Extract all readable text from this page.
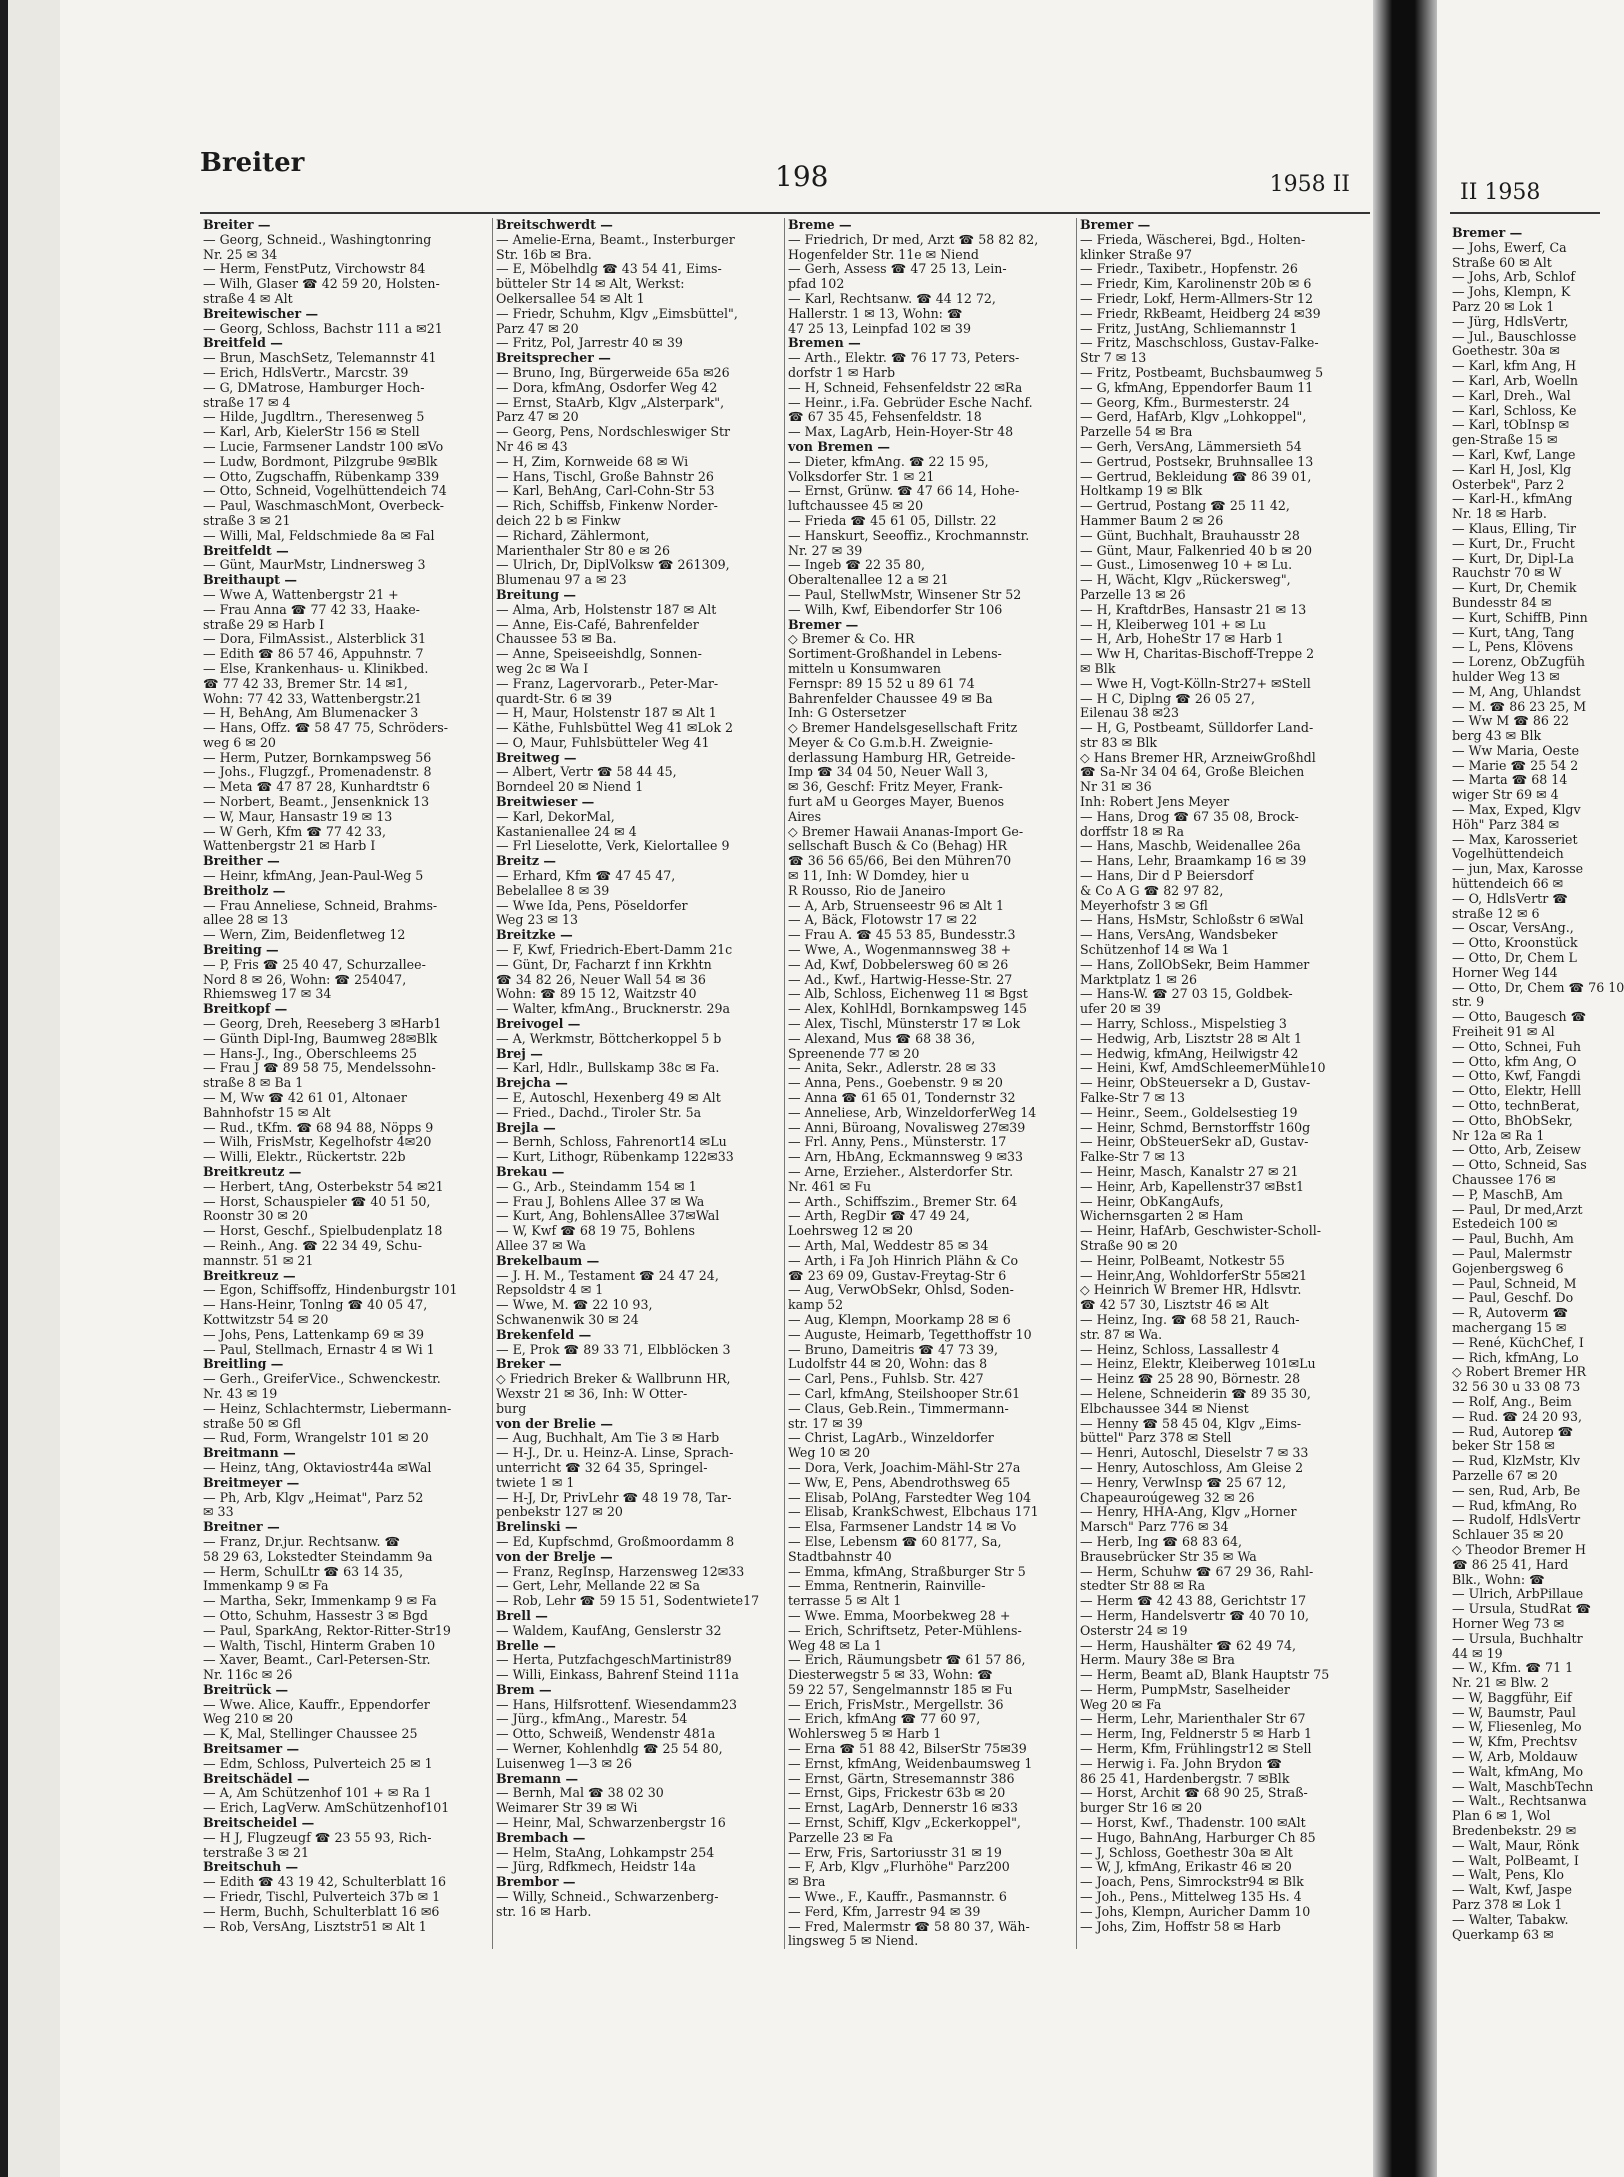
Breiter	198	1958 II
Breiter —
— Georg, Schneid., Washingtonring
Nr. 25 ✉ 34
— Herm, FenstPutz, Virchowstr 84
— Wilh, Glaser ☎ 42 59 20, Holsten-
straße 4 ✉ Alt
Breitewischer —
— Georg, Schloss, Bachstr 111 a ✉21
Breitfeld —
— Brun, MaschSetz, Telemannstr 41
— Erich, HdlsVertr., Marcstr. 39
— G, DMatrose, Hamburger Hoch-
straße 17 ✉ 4
— Hilde, Jugdltrn., Theresenweg 5
— Karl, Arb, KielerStr 156 ✉ Stell
— Lucie, Farmsener Landstr 100 ✉Vo
— Ludw, Bordmont, Pilzgrube 9✉Blk
— Otto, Zugschaffn, Rübenkamp 339
— Otto, Schneid, Vogelhüttendeich 74
— Paul, WaschmaschMont, Overbeck-
straße 3 ✉ 21
— Willi, Mal, Feldschmiede 8a ✉ Fal
Breitfeldt —
— Günt, MaurMstr, Lindnersweg 3
Breithaupt —
— Wwe A, Wattenbergstr 21 +
— Frau Anna ☎ 77 42 33, Haake-
straße 29 ✉ Harb I
— Dora, FilmAssist., Alsterblick 31
— Edith ☎ 86 57 46, Appuhnstr. 7
— Else, Krankenhaus- u. Klinikbed.
☎ 77 42 33, Bremer Str. 14 ✉1,
Wohn: 77 42 33, Wattenbergstr.21
— H, BehAng, Am Blumenacker 3
— Hans, Offz. ☎ 58 47 75, Schröders-
weg 6 ✉ 20
— Herm, Putzer, Bornkampsweg 56
— Johs., Flugzgf., Promenadenstr. 8
— Meta ☎ 47 87 28, Kunhardtstr 6
— Norbert, Beamt., Jensenknick 13
— W, Maur, Hansastr 19 ✉ 13
— W Gerh, Kfm ☎ 77 42 33,
Wattenbergstr 21 ✉ Harb I
Breither —
— Heinr, kfmAng, Jean-Paul-Weg 5
Breitholz —
— Frau Anneliese, Schneid, Brahms-
allee 28 ✉ 13
— Wern, Zim, Beidenfletweg 12
Breiting —
— P, Fris ☎ 25 40 47, Schurzallee-
Nord 8 ✉ 26, Wohn: ☎ 254047,
Rhiemsweg 17 ✉ 34
Breitkopf —
— Georg, Dreh, Reeseberg 3 ✉Harb1
— Günth Dipl-Ing, Baumweg 28✉Blk
— Hans-J., Ing., Oberschleems 25
— Frau J ☎ 89 58 75, Mendelssohn-
straße 8 ✉ Ba 1
— M, Ww ☎ 42 61 01, Altonaer
Bahnhofstr 15 ✉ Alt
— Rud., tKfm. ☎ 68 94 88, Nöpps 9
— Wilh, FrisMstr, Kegelhofstr 4✉20
— Willi, Elektr., Rückertstr. 22b
Breitkreutz —
— Herbert, tAng, Osterbekstr 54 ✉21
— Horst, Schauspieler ☎ 40 51 50,
Roonstr 30 ✉ 20
— Horst, Geschf., Spielbudenplatz 18
— Reinh., Ang. ☎ 22 34 49, Schu-
mannstr. 51 ✉ 21
Breitkreuz —
— Egon, Schiffsoffz, Hindenburgstr 101
— Hans-Heinr, Tonlng ☎ 40 05 47,
Kottwitzstr 54 ✉ 20
— Johs, Pens, Lattenkamp 69 ✉ 39
— Paul, Stellmach, Ernastr 4 ✉ Wi 1
Breitling —
— Gerh., GreiferVice., Schwenckestr.
Nr. 43 ✉ 19
— Heinz, Schlachtermstr, Liebermann-
straße 50 ✉ Gfl
— Rud, Form, Wrangelstr 101 ✉ 20
Breitmann —
— Heinz, tAng, Oktaviostr44a ✉Wal
Breitmeyer —
— Ph, Arb, Klgv „Heimat", Parz 52
✉ 33
Breitner —
— Franz, Dr.jur. Rechtsanw. ☎
58 29 63, Lokstedter Steindamm 9a
— Herm, SchulLtr ☎ 63 14 35,
Immenkamp 9 ✉ Fa
— Martha, Sekr, Immenkamp 9 ✉ Fa
— Otto, Schuhm, Hassestr 3 ✉ Bgd
— Paul, SparkAng, Rektor-Ritter-Str19
— Walth, Tischl, Hinterm Graben 10
— Xaver, Beamt., Carl-Petersen-Str.
Nr. 116c ✉ 26
Breitrück —
— Wwe. Alice, Kauffr., Eppendorfer
Weg 210 ✉ 20
— K, Mal, Stellinger Chaussee 25
Breitsamer —
— Edm, Schloss, Pulverteich 25 ✉ 1
Breitschädel —
— A, Am Schützenhof 101 + ✉ Ra 1
— Erich, LagVerw. AmSchützenhof101
Breitscheidel —
— H J, Flugzeugf ☎ 23 55 93, Rich-
terstraße 3 ✉ 21
Breitschuh —
— Edith ☎ 43 19 42, Schulterblatt 16
— Friedr, Tischl, Pulverteich 37b ✉ 1
— Herm, Buchh, Schulterblatt 16 ✉6
— Rob, VersAng, Lisztstr51 ✉ Alt 1
Breitschwerdt —
— Amelie-Erna, Beamt., Insterburger
Str. 16b ✉ Bra.
— E, Möbelhdlg ☎ 43 54 41, Eims-
bütteler Str 14 ✉ Alt, Werkst:
Oelkersallee 54 ✉ Alt 1
— Friedr, Schuhm, Klgv „Eimsbüttel",
Parz 47 ✉ 20
— Fritz, Pol, Jarrestr 40 ✉ 39
Breitsprecher —
— Bruno, Ing, Bürgerweide 65a ✉26
— Dora, kfmAng, Osdorfer Weg 42
— Ernst, StaArb, Klgv „Alsterpark",
Parz 47 ✉ 20
— Georg, Pens, Nordschleswiger Str
Nr 46 ✉ 43
— H, Zim, Kornweide 68 ✉ Wi
— Hans, Tischl, Große Bahnstr 26
— Karl, BehAng, Carl-Cohn-Str 53
— Rich, Schiffsb, Finkenw Norder-
deich 22 b ✉ Finkw
— Richard, Zählermont,
Marienthaler Str 80 e ✉ 26
— Ulrich, Dr, DiplVolksw ☎ 261309,
Blumenau 97 a ✉ 23
Breitung —
— Alma, Arb, Holstenstr 187 ✉ Alt
— Anne, Eis-Café, Bahrenfelder
Chaussee 53 ✉ Ba.
— Anne, Speiseeishdlg, Sonnen-
weg 2c ✉ Wa I
— Franz, Lagervorarb., Peter-Mar-
quardt-Str. 6 ✉ 39
— H, Maur, Holstenstr 187 ✉ Alt 1
— Käthe, Fuhlsbüttel Weg 41 ✉Lok 2
— O, Maur, Fuhlsbütteler Weg 41
Breitweg —
— Albert, Vertr ☎ 58 44 45,
Borndeel 20 ✉ Niend 1
Breitwieser —
— Karl, DekorMal,
Kastanienallee 24 ✉ 4
— Frl Lieselotte, Verk, Kielortallee 9
Breitz —
— Erhard, Kfm ☎ 47 45 47,
Bebelallee 8 ✉ 39
— Wwe Ida, Pens, Pöseldorfer
Weg 23 ✉ 13
Breitzke —
— F, Kwf, Friedrich-Ebert-Damm 21c
— Günt, Dr, Facharzt f inn Krkhtn
☎ 34 82 26, Neuer Wall 54 ✉ 36
Wohn: ☎ 89 15 12, Waitzstr 40
— Walter, kfmAng., Brucknerstr. 29a
Breivogel —
— A, Werkmstr, Böttcherkoppel 5 b
Brej —
— Karl, Hdlr., Bullskamp 38c ✉ Fa.
Brejcha —
— E, Autoschl, Hexenberg 49 ✉ Alt
— Fried., Dachd., Tiroler Str. 5a
Brejla —
— Bernh, Schloss, Fahrenort14 ✉Lu
— Kurt, Lithogr, Rübenkamp 122✉33
Brekau —
— G., Arb., Steindamm 154 ✉ 1
— Frau J, Bohlens Allee 37 ✉ Wa
— Kurt, Ang, BohlensAllee 37✉Wal
— W, Kwf ☎ 68 19 75, Bohlens
Allee 37 ✉ Wa
Brekelbaum —
— J. H. M., Testament ☎ 24 47 24,
Repsoldstr 4 ✉ 1
— Wwe, M. ☎ 22 10 93,
Schwanenwik 30 ✉ 24
Brekenfeld —
— E, Prok ☎ 89 33 71, Elbblöcken 3
Breker —
◇ Friedrich Breker & Wallbrunn HR,
Wexstr 21 ✉ 36, Inh: W Otter-
burg
von der Brelie —
— Aug, Buchhalt, Am Tie 3 ✉ Harb
— H-J., Dr. u. Heinz-A. Linse, Sprach-
unterricht ☎ 32 64 35, Springel-
twiete 1 ✉ 1
— H-J, Dr, PrivLehr ☎ 48 19 78, Tar-
penbekstr 127 ✉ 20
Brelinski —
— Ed, Kupfschmd, Großmoordamm 8
von der Brelje —
— Franz, RegInsp, Harzensweg 12✉33
— Gert, Lehr, Mellande 22 ✉ Sa
— Rob, Lehr ☎ 59 15 51, Sodentwiete17
Brell —
— Waldem, KaufAng, Genslerstr 32
Brelle —
— Herta, PutzfachgeschMartinistr89
— Willi, Einkass, Bahrenf Steind 111a
Brem —
— Hans, Hilfsrottenf. Wiesendamm23
— Jürg., kfmAng., Marestr. 54
— Otto, Schweiß, Wendenstr 481a
— Werner, Kohlenhdlg ☎ 25 54 80,
Luisenweg 1—3 ✉ 26
Bremann —
— Bernh, Mal ☎ 38 02 30
Weimarer Str 39 ✉ Wi
— Heinr, Mal, Schwarzenbergstr 16
Brembach —
— Helm, StaAng, Lohkampstr 254
— Jürg, Rdfkmech, Heidstr 14a
Brembor —
— Willy, Schneid., Schwarzenberg-
str. 16 ✉ Harb.
Breme —
— Friedrich, Dr med, Arzt ☎ 58 82 82,
Hogenfelder Str. 11e ✉ Niend
— Gerh, Assess ☎ 47 25 13, Lein-
pfad 102
— Karl, Rechtsanw. ☎ 44 12 72,
Hallerstr. 1 ✉ 13, Wohn: ☎
47 25 13, Leinpfad 102 ✉ 39
Bremen —
— Arth., Elektr. ☎ 76 17 73, Peters-
dorfstr 1 ✉ Harb
— H, Schneid, Fehsenfeldstr 22 ✉Ra
— Heinr., i.Fa. Gebrüder Esche Nachf.
☎ 67 35 45, Fehsenfeldstr. 18
— Max, LagArb, Hein-Hoyer-Str 48
von Bremen —
— Dieter, kfmAng. ☎ 22 15 95,
Volksdorfer Str. 1 ✉ 21
— Ernst, Grünw. ☎ 47 66 14, Hohe-
luftchaussee 45 ✉ 20
— Frieda ☎ 45 61 05, Dillstr. 22
— Hanskurt, Seeoffiz., Krochmannstr.
Nr. 27 ✉ 39
— Ingeb ☎ 22 35 80,
Oberaltenallee 12 a ✉ 21
— Paul, StellwMstr, Winsener Str 52
— Wilh, Kwf, Eibendorfer Str 106
Bremer —
◇ Bremer & Co. HR
Sortiment-Großhandel in Lebens-
mitteln u Konsumwaren
Fernspr: 89 15 52 u 89 61 74
Bahrenfelder Chaussee 49 ✉ Ba
Inh: G Ostersetzer
◇ Bremer Handelsgesellschaft Fritz
Meyer & Co G.m.b.H. Zweignie-
derlassung Hamburg HR, Getreide-
Imp ☎ 34 04 50, Neuer Wall 3,
✉ 36, Geschf: Fritz Meyer, Frank-
furt aM u Georges Mayer, Buenos
Aires
◇ Bremer Hawaii Ananas-Import Ge-
sellschaft Busch & Co (Behag) HR
☎ 36 56 65/66, Bei den Mühren70
✉ 11, Inh: W Domdey, hier u
R Rousso, Rio de Janeiro
— A, Arb, Struenseestr 96 ✉ Alt 1
— A, Bäck, Flotowstr 17 ✉ 22
— Frau A. ☎ 45 53 85, Bundesstr.3
— Wwe, A., Wogenmannsweg 38 +
— Ad, Kwf, Dobbelersweg 60 ✉ 26
— Ad., Kwf., Hartwig-Hesse-Str. 27
— Alb, Schloss, Eichenweg 11 ✉ Bgst
— Alex, KohlHdl, Bornkampsweg 145
— Alex, Tischl, Münsterstr 17 ✉ Lok
— Alexand, Mus ☎ 68 38 36,
Spreenende 77 ✉ 20
— Anita, Sekr., Adlerstr. 28 ✉ 33
— Anna, Pens., Goebenstr. 9 ✉ 20
— Anna ☎ 61 65 01, Tondernstr 32
— Anneliese, Arb, WinzeldorferWeg 14
— Anni, Büroang, Novalisweg 27✉39
— Frl. Anny, Pens., Münsterstr. 17
— Arn, HbAng, Eckmannsweg 9 ✉33
— Arne, Erzieher., Alsterdorfer Str.
Nr. 461 ✉ Fu
— Arth., Schiffszim., Bremer Str. 64
— Arth, RegDir ☎ 47 49 24,
Loehrsweg 12 ✉ 20
— Arth, Mal, Weddestr 85 ✉ 34
— Arth, i Fa Joh Hinrich Plähn & Co
☎ 23 69 09, Gustav-Freytag-Str 6
— Aug, VerwObSekr, Ohlsd, Soden-
kamp 52
— Aug, Klempn, Moorkamp 28 ✉ 6
— Auguste, Heimarb, Tegetthoffstr 10
— Bruno, Dameitris ☎ 47 73 39,
Ludolfstr 44 ✉ 20, Wohn: das 8
— Carl, Pens., Fuhlsb. Str. 427
— Carl, kfmAng, Steilshooper Str.61
— Claus, Geb.Rein., Timmermann-
str. 17 ✉ 39
— Christ, LagArb., Winzeldorfer
Weg 10 ✉ 20
— Dora, Verk, Joachim-Mähl-Str 27a
— Ww, E, Pens, Abendrothsweg 65
— Elisab, PolAng, Farstedter Weg 104
— Elisab, KrankSchwest, Elbchaus 171
— Elsa, Farmsener Landstr 14 ✉ Vo
— Else, Lebensm ☎ 60 8177, Sa,
Stadtbahnstr 40
— Emma, kfmAng, Straßburger Str 5
— Emma, Rentnerin, Rainville-
terrasse 5 ✉ Alt 1
— Wwe. Emma, Moorbekweg 28 +
— Erich, Schriftsetz, Peter-Mühlens-
Weg 48 ✉ La 1
— Erich, Räumungsbetr ☎ 61 57 86,
Diesterwegstr 5 ✉ 33, Wohn: ☎
59 22 57, Sengelmannstr 185 ✉ Fu
— Erich, FrisMstr., Mergellstr. 36
— Erich, kfmAng ☎ 77 60 97,
Wohlersweg 5 ✉ Harb 1
— Erna ☎ 51 88 42, BilserStr 75✉39
— Ernst, kfmAng, Weidenbaumsweg 1
— Ernst, Gärtn, Stresemannstr 386
— Ernst, Gips, Frickestr 63b ✉ 20
— Ernst, LagArb, Dennerstr 16 ✉33
— Ernst, Schiff, Klgv „Eckerkoppel",
Parzelle 23 ✉ Fa
— Erw, Fris, Sartoriusstr 31 ✉ 19
— F, Arb, Klgv „Flurhöhe" Parz200
✉ Bra
— Wwe., F., Kauffr., Pasmannstr. 6
— Ferd, Kfm, Jarrestr 94 ✉ 39
— Fred, Malermstr ☎ 58 80 37, Wäh-
lingsweg 5 ✉ Niend.
Bremer —
— Frieda, Wäscherei, Bgd., Holten-
klinker Straße 97
— Friedr., Taxibetr., Hopfenstr. 26
— Friedr, Kim, Karolinenstr 20b ✉ 6
— Friedr, Lokf, Herm-Allmers-Str 12
— Friedr, RkBeamt, Heidberg 24 ✉39
— Fritz, JustAng, Schliemannstr 1
— Fritz, Maschschloss, Gustav-Falke-
Str 7 ✉ 13
— Fritz, Postbeamt, Buchsbaumweg 5
— G, kfmAng, Eppendorfer Baum 11
— Georg, Kfm., Burmesterstr. 24
— Gerd, HafArb, Klgv „Lohkoppel",
Parzelle 54 ✉ Bra
— Gerh, VersAng, Lämmersieth 54
— Gertrud, Postsekr, Bruhnsallee 13
— Gertrud, Bekleidung ☎ 86 39 01,
Holtkamp 19 ✉ Blk
— Gertrud, Postang ☎ 25 11 42,
Hammer Baum 2 ✉ 26
— Günt, Buchhalt, Brauhausstr 28
— Günt, Maur, Falkenried 40 b ✉ 20
— Gust., Limosenweg 10 + ✉ Lu.
— H, Wächt, Klgv „Rückersweg",
Parzelle 13 ✉ 26
— H, KraftdrBes, Hansastr 21 ✉ 13
— H, Kleiberweg 101 + ✉ Lu
— H, Arb, HoheStr 17 ✉ Harb 1
— Ww H, Charitas-Bischoff-Treppe 2
✉ Blk
— Wwe H, Vogt-Kölln-Str27+ ✉Stell
— H C, Diplng ☎ 26 05 27,
Eilenau 38 ✉23
— H, G, Postbeamt, Sülldorfer Land-
str 83 ✉ Blk
◇ Hans Bremer HR, ArzneiwGroßhdl
☎ Sa-Nr 34 04 64, Große Bleichen
Nr 31 ✉ 36
Inh: Robert Jens Meyer
— Hans, Drog ☎ 67 35 08, Brock-
dorffstr 18 ✉ Ra
— Hans, Maschb, Weidenallee 26a
— Hans, Lehr, Braamkamp 16 ✉ 39
— Hans, Dir d P Beiersdorf
& Co A G ☎ 82 97 82,
Meyerhofstr 3 ✉ Gfl
— Hans, HsMstr, Schloßstr 6 ✉Wal
— Hans, VersAng, Wandsbeker
Schützenhof 14 ✉ Wa 1
— Hans, ZollObSekr, Beim Hammer
Marktplatz 1 ✉ 26
— Hans-W. ☎ 27 03 15, Goldbek-
ufer 20 ✉ 39
— Harry, Schloss., Mispelstieg 3
— Hedwig, Arb, Lisztstr 28 ✉ Alt 1
— Hedwig, kfmAng, Heilwigstr 42
— Heini, Kwf, AmdSchleemerMühle10
— Heinr, ObSteuersekr a D, Gustav-
Falke-Str 7 ✉ 13
— Heinr., Seem., Goldelsestieg 19
— Heinr, Schmd, Bernstorffstr 160g
— Heinr, ObSteuerSekr aD, Gustav-
Falke-Str 7 ✉ 13
— Heinr, Masch, Kanalstr 27 ✉ 21
— Heinr, Arb, Kapellenstr37 ✉Bst1
— Heinr, ObKangAufs,
Wichernsgarten 2 ✉ Ham
— Heinr, HafArb, Geschwister-Scholl-
Straße 90 ✉ 20
— Heinr, PolBeamt, Notkestr 55
— Heinr,Ang, WohldorferStr 55✉21
◇ Heinrich W Bremer HR, Hdlsvtr.
☎ 42 57 30, Lisztstr 46 ✉ Alt
— Heinz, Ing. ☎ 68 58 21, Rauch-
str. 87 ✉ Wa.
— Heinz, Schloss, Lassallestr 4
— Heinz, Elektr, Kleiberweg 101✉Lu
— Heinz ☎ 25 28 90, Börnestr. 28
— Helene, Schneiderin ☎ 89 35 30,
Elbchaussee 344 ✉ Nienst
— Henny ☎ 58 45 04, Klgv „Eims-
büttel" Parz 378 ✉ Stell
— Henri, Autoschl, Dieselstr 7 ✉ 33
— Henry, Autoschloss, Am Gleise 2
— Henry, VerwInsp ☎ 25 67 12,
Chapeauroúgeweg 32 ✉ 26
— Henry, HHA-Ang, Klgv „Horner
Marsch" Parz 776 ✉ 34
— Herb, Ing ☎ 68 83 64,
Brausebrücker Str 35 ✉ Wa
— Herm, Schuhw ☎ 67 29 36, Rahl-
stedter Str 88 ✉ Ra
— Herm ☎ 42 43 88, Gerichtstr 17
— Herm, Handelsvertr ☎ 40 70 10,
Osterstr 24 ✉ 19
— Herm, Haushälter ☎ 62 49 74,
Herm. Maury 38e ✉ Bra
— Herm, Beamt aD, Blank Hauptstr 75
— Herm, PumpMstr, Saselheider
Weg 20 ✉ Fa
— Herm, Lehr, Marienthaler Str 67
— Herm, Ing, Feldnerstr 5 ✉ Harb 1
— Herm, Kfm, Frühlingstr12 ✉ Stell
— Herwig i. Fa. John Brydon ☎
86 25 41, Hardenbergstr. 7 ✉Blk
— Horst, Archit ☎ 68 90 25, Straß-
burger Str 16 ✉ 20
— Horst, Kwf., Thadenstr. 100 ✉Alt
— Hugo, BahnAng, Harburger Ch 85
— J, Schloss, Goethestr 30a ✉ Alt
— W, J, kfmAng, Erikastr 46 ✉ 20
— Joach, Pens, Simrockstr94 ✉ Blk
— Joh., Pens., Mittelweg 135 Hs. 4
— Johs, Klempn, Auricher Damm 10
— Johs, Zim, Hoffstr 58 ✉ Harb
II 1958
Bremer —
— Johs, Ewerf, Ca
Straße 60 ✉ Alt
— Johs, Arb, Schlof
— Johs, Klempn, K
Parz 20 ✉ Lok 1
— Jürg, HdlsVertr,
— Jul., Bauschlosse
Goethestr. 30a ✉
— Karl, kfm Ang, H
— Karl, Arb, Woelln
— Karl, Dreh., Wal
— Karl, Schloss, Ke
— Karl, tObInsp ✉
gen-Straße 15 ✉
— Karl, Kwf, Lange
— Karl H, Josl, Klg
Osterbek", Parz 2
— Karl-H., kfmAng
Nr. 18 ✉ Harb.
— Klaus, Elling, Tir
— Kurt, Dr., Frucht
— Kurt, Dr, Dipl-La
Rauchstr 70 ✉ W
— Kurt, Dr, Chemik
Bundesstr 84 ✉
— Kurt, SchiffB, Pinn
— Kurt, tAng, Tang
— L, Pens, Klövens
— Lorenz, ObZugfüh
hulder Weg 13 ✉
— M, Ang, Uhlandst
— M. ☎ 86 23 25, M
— Ww M ☎ 86 22
berg 43 ✉ Blk
— Ww Maria, Oeste
— Marie ☎ 25 54 2
— Marta ☎ 68 14
wiger Str 69 ✉ 4
— Max, Exped, Klgv
Höh" Parz 384 ✉
— Max, Karosseriet
Vogelhüttendeich
— jun, Max, Karosse
hüttendeich 66 ✉
— O, HdlsVertr ☎
straße 12 ✉ 6
— Oscar, VersAng.,
— Otto, Kroonstück
— Otto, Dr, Chem L
Horner Weg 144
— Otto, Dr, Chem ☎ 76 10
str. 9
— Otto, Baugesch ☎
Freiheit 91 ✉ Al
— Otto, Schnei, Fuh
— Otto, kfm Ang, O
— Otto, Kwf, Fangdi
— Otto, Elektr, Helll
— Otto, technBerat,
— Otto, BhObSekr,
Nr 12a ✉ Ra 1
— Otto, Arb, Zeisew
— Otto, Schneid, Sas
Chaussee 176 ✉
— P, MaschB, Am
— Paul, Dr med,Arzt
Estedeich 100 ✉
— Paul, Buchh, Am
— Paul, Malermstr
Gojenbergsweg 6
— Paul, Schneid, M
— Paul, Geschf. Do
— R, Autoverm ☎
machergang 15 ✉
— René, KüchChef, I
— Rich, kfmAng, Lo
◇ Robert Bremer HR
32 56 30 u 33 08 73
— Rolf, Ang., Beim
— Rud. ☎ 24 20 93,
— Rud, Autorep ☎
beker Str 158 ✉
— Rud, KlzMstr, Klv
Parzelle 67 ✉ 20
— sen, Rud, Arb, Be
— Rud, kfmAng, Ro
— Rudolf, HdlsVertr
Schlauer 35 ✉ 20
◇ Theodor Bremer H
☎ 86 25 41, Hard
Blk., Wohn: ☎
— Ulrich, ArbPillaue
— Ursula, StudRat ☎
Horner Weg 73 ✉
— Ursula, Buchhaltr
44 ✉ 19
— W., Kfm. ☎ 71 1
Nr. 21 ✉ Blw. 2
— W, Baggführ, Eif
— W, Baumstr, Paul
— W, Fliesenleg, Mo
— W, Kfm, Prechtsv
— W, Arb, Moldauw
— Walt, kfmAng, Mo
— Walt, MaschbTechn
— Walt., Rechtsanwa
Plan 6 ✉ 1, Wol
Bredenbekstr. 29 ✉
— Walt, Maur, Rönk
— Walt, PolBeamt, I
— Walt, Pens, Klo
— Walt, Kwf, Jaspe
Parz 378 ✉ Lok 1
— Walter, Tabakw.
Querkamp 63 ✉
